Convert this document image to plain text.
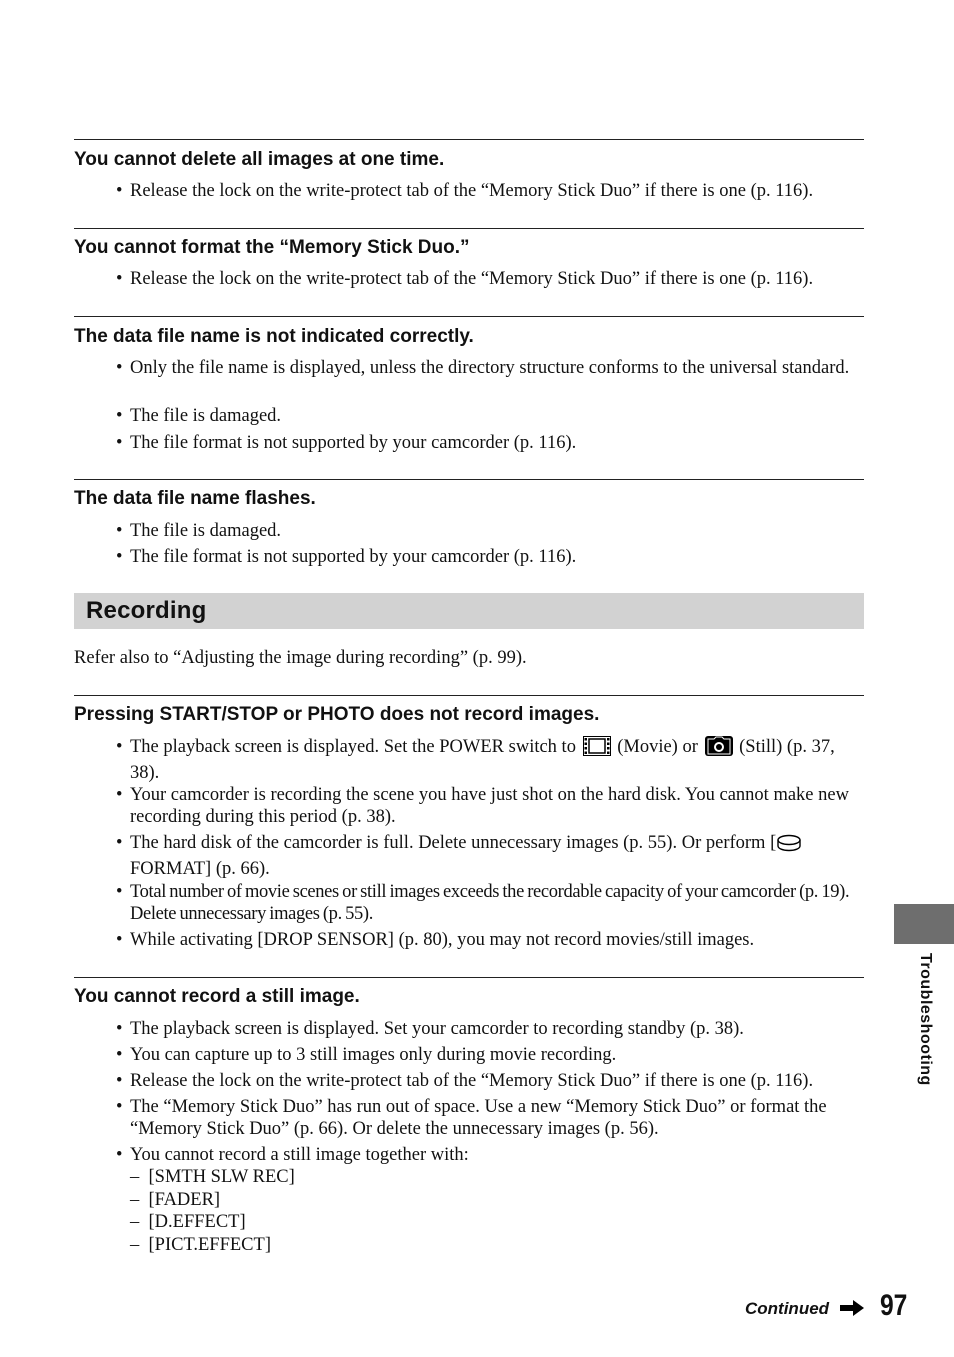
You cannot delete all images at one time.
• Release the lock on the write-protect tab of the “Memory Stick Duo” if there is one (p. 116).
You cannot format the “Memory Stick Duo.”
• Release the lock on the write-protect tab of the “Memory Stick Duo” if there is one (p. 116).
The data file name is not indicated correctly.
• Only the file name is displayed, unless the directory structure conforms to the universal standard.
• The file is damaged.
• The file format is not supported by your camcorder (p. 116).
The data file name flashes.
• The file is damaged.
• The file format is not supported by your camcorder (p. 116).
Recording
Refer also to “Adjusting the image during recording” (p. 99).
Pressing START/STOP or PHOTO does not record images.
• The playback screen is displayed. Set the POWER switch to (Movie) or (Still) (p. 37, 38).
• Your camcorder is recording the scene you have just shot on the hard disk. You cannot make new recording during this period (p. 38).
• The hard disk of the camcorder is full. Delete unnecessary images (p. 55). Or perform [FORMAT] (p. 66).
• Total number of movie scenes or still images exceeds the recordable capacity of your camcorder (p. 19). Delete unnecessary images (p. 55).
• While activating [DROP SENSOR] (p. 80), you may not record movies/still images.
You cannot record a still image.
• The playback screen is displayed. Set your camcorder to recording standby (p. 38).
• You can capture up to 3 still images only during movie recording.
• Release the lock on the write-protect tab of the “Memory Stick Duo” if there is one (p. 116).
• The “Memory Stick Duo” has run out of space. Use a new “Memory Stick Duo” or format the “Memory Stick Duo” (p. 66). Or delete the unnecessary images (p. 56).
• You cannot record a still image together with:
– [SMTH SLW REC]
– [FADER]
– [D.EFFECT]
– [PICT.EFFECT]
Troubleshooting
Continued 97
